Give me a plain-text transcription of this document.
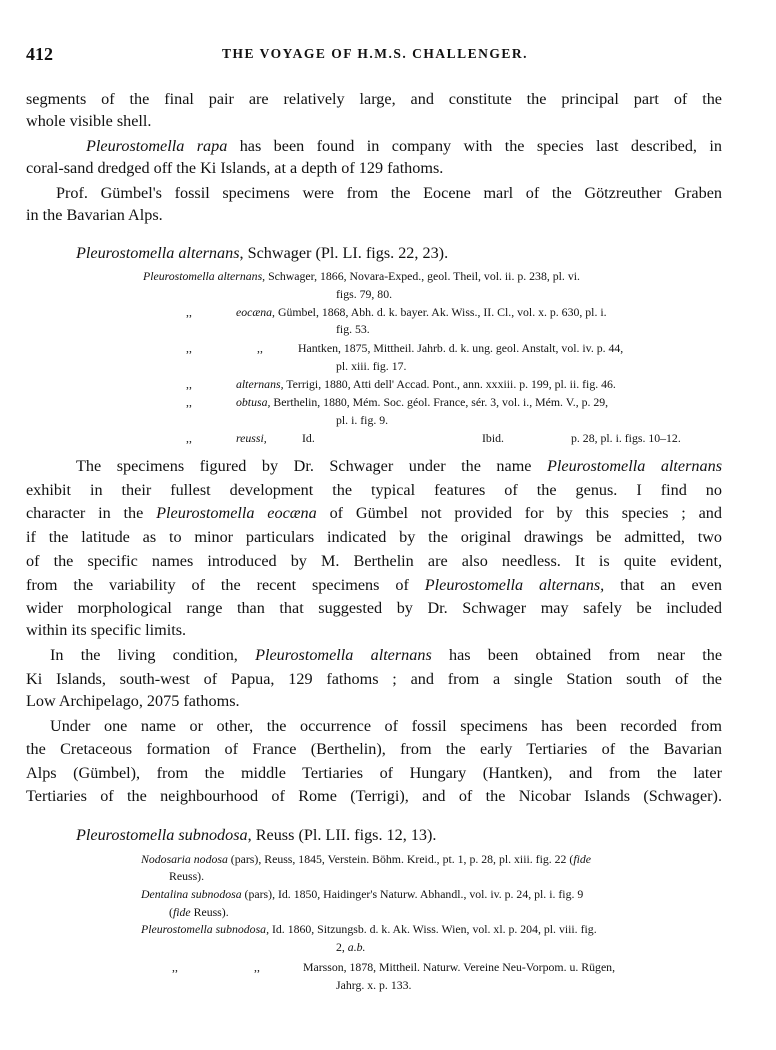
412	THE VOYAGE OF H.M.S. CHALLENGER.
segments of the final pair are relatively large, and constitute the principal part of the
whole visible shell.
Pleurostomella rapa has been found in company with the species last described, in
coral-sand dredged off the Ki Islands, at a depth of 129 fathoms.
Prof. Gümbel's fossil specimens were from the Eocene marl of the Götzreuther Graben
in the Bavarian Alps.
Pleurostomella alternans, Schwager (Pl. LI. figs. 22, 23).
Pleurostomella alternans, Schwager, 1866, Novara-Exped., geol. Theil, vol. ii. p. 238, pl. vi.
figs. 79, 80.
,,	eocæna, Gümbel, 1868, Abh. d. k. bayer. Ak. Wiss., II. Cl., vol. x. p. 630, pl. i.
fig. 53.
,,	,,	Hantken, 1875, Mittheil. Jahrb. d. k. ung. geol. Anstalt, vol. iv. p. 44,
pl. xiii. fig. 17.
,,	alternans, Terrigi, 1880, Atti dell' Accad. Pont., ann. xxxiii. p. 199, pl. ii. fig. 46.
,,	obtusa, Berthelin, 1880, Mém. Soc. géol. France, sér. 3, vol. i., Mém. V., p. 29,
pl. i. fig. 9.
,,	reussi,	Id.	Ibid.	p. 28, pl. i. figs. 10–12.
The specimens figured by Dr. Schwager under the name Pleurostomella alternans
exhibit in their fullest development the typical features of the genus. I find no
character in the Pleurostomella eocæna of Gümbel not provided for by this species ; and
if the latitude as to minor particulars indicated by the original drawings be admitted, two
of the specific names introduced by M. Berthelin are also needless. It is quite evident,
from the variability of the recent specimens of Pleurostomella alternans, that an even
wider morphological range than that suggested by Dr. Schwager may safely be included
within its specific limits.
In the living condition, Pleurostomella alternans has been obtained from near the
Ki Islands, south-west of Papua, 129 fathoms ; and from a single Station south of the
Low Archipelago, 2075 fathoms.
Under one name or other, the occurrence of fossil specimens has been recorded from
the Cretaceous formation of France (Berthelin), from the early Tertiaries of the Bavarian
Alps (Gümbel), from the middle Tertiaries of Hungary (Hantken), and from the later
Tertiaries of the neighbourhood of Rome (Terrigi), and of the Nicobar Islands (Schwager).
Pleurostomella subnodosa, Reuss (Pl. LII. figs. 12, 13).
Nodosaria nodosa (pars), Reuss, 1845, Verstein. Böhm. Kreid., pt. 1, p. 28, pl. xiii. fig. 22 (fide
Reuss).
Dentalina subnodosa (pars), Id. 1850, Haidinger's Naturw. Abhandl., vol. iv. p. 24, pl. i. fig. 9
(fide Reuss).
Pleurostomella subnodosa, Id. 1860, Sitzungsb. d. k. Ak. Wiss. Wien, vol. xl. p. 204, pl. viii. fig.
2, a.b.
,,	,,	Marsson, 1878, Mittheil. Naturw. Vereine Neu-Vorpom. u. Rügen,
Jahrg. x. p. 133.
